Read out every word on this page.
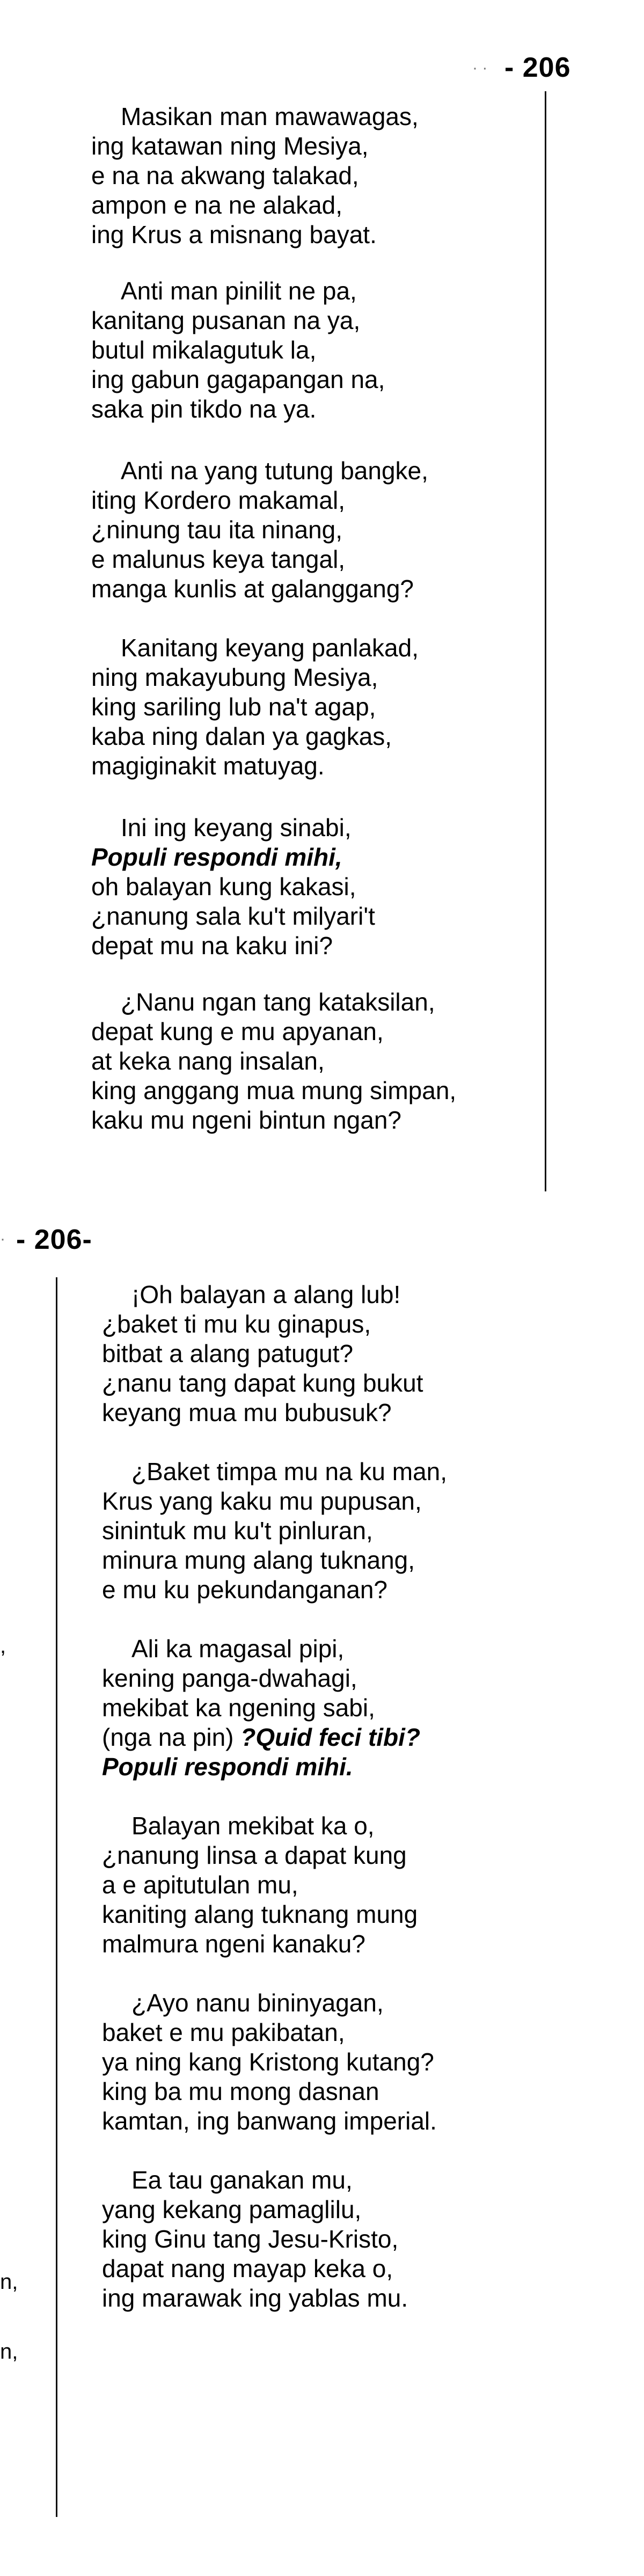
· · - 206
Masikan man mawawagas,
ing katawan ning Mesiya,
e na na akwang talakad,
ampon e na ne alakad,
ing Krus a misnang bayat.
Anti man pinilit ne pa,
kanitang pusanan na ya,
butul mikalagutuk la,
ing gabun gagapangan na,
saka pin tikdo na ya.
Anti na yang tutung bangke,
iting Kordero makamal,
¿ninung tau ita ninang,
e malunus keya tangal,
manga kunlis at galanggang?
Kanitang keyang panlakad,
ning makayubung Mesiya,
king sariling lub na't agap,
kaba ning dalan ya gagkas,
magiginakit matuyag.
Ini ing keyang sinabi,
Populi respondi mihi,
oh balayan kung kakasi,
¿nanung sala ku't milyari't
depat mu na kaku ini?
¿Nanu ngan tang kataksilan,
depat kung e mu apyanan,
at keka nang insalan,
king anggang mua mung simpan,
kaku mu ngeni bintun ngan?
· - 206-
,
n,
n,
¡Oh balayan a alang lub!
¿baket ti mu ku ginapus,
bitbat a alang patugut?
¿nanu tang dapat kung bukut
keyang mua mu bubusuk?
¿Baket timpa mu na ku man,
Krus yang kaku mu pupusan,
sinintuk mu ku't pinluran,
minura mung alang tuknang,
e mu ku pekundanganan?
Ali ka magasal pipi,
kening panga-dwahagi,
mekibat ka ngening sabi,
(nga na pin) ?Quid feci tibi?
Populi respondi mihi.
Balayan mekibat ka o,
¿nanung linsa a dapat kung
a e apitutulan mu,
kaniting alang tuknang mung
malmura ngeni kanaku?
¿Ayo nanu bininyagan,
baket e mu pakibatan,
ya ning kang Kristong kutang?
king ba mu mong dasnan
kamtan, ing banwang imperial.
Ea tau ganakan mu,
yang kekang pamaglilu,
king Ginu tang Jesu-Kristo,
dapat nang mayap keka o,
ing marawak ing yablas mu.
